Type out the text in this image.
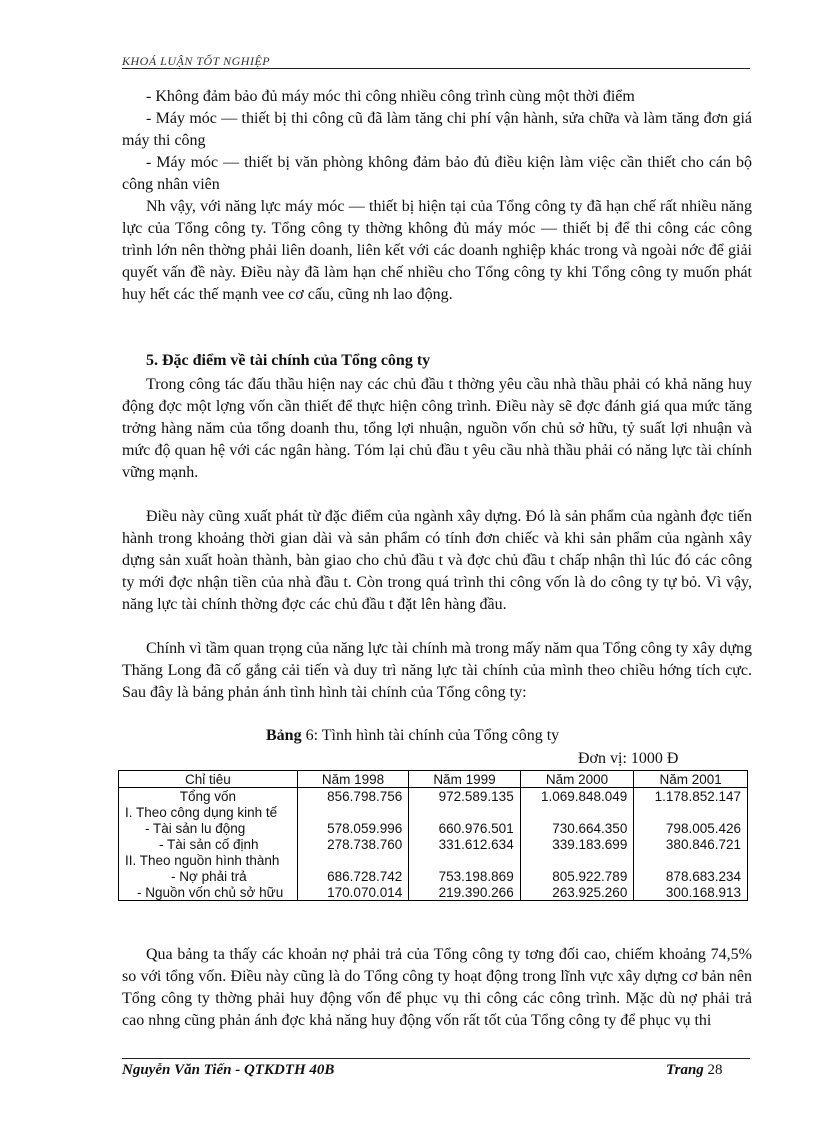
KHOÁ LUẬN TỐT NGHIỆP

- Không đảm bảo đủ máy móc thi công nhiều công trình cùng một thời điểm

- Máy móc — thiết bị thi công cũ đã làm tăng chi phí vận hành, sửa chữa và làm tăng đơn giá máy thi công

- Máy móc — thiết bị văn phòng không đảm bảo đủ điều kiện làm việc cần thiết cho cán bộ công nhân viên

Nh vậy, với năng lực máy móc — thiết bị hiện tại của Tổng công ty đã hạn chế rất nhiều năng lực của Tổng công ty. Tổng công ty thờng không đủ máy móc — thiết bị để thi công các công trình lớn nên thờng phải liên doanh, liên kết với các doanh nghiệp khác trong và ngoài nớc để giải quyết vấn đề này. Điều này đã làm hạn chế nhiều cho Tổng công ty khi Tổng công ty muốn phát huy hết các thế mạnh vee cơ cấu, cũng nh lao động.

5. Đặc điểm về tài chính của Tổng công ty

Trong công tác đấu thầu hiện nay các chủ đầu t thờng yêu cầu nhà thầu phải có khả năng huy động đợc một lợng vốn cần thiết để thực hiện công trình. Điều này sẽ đợc đánh giá qua mức tăng trởng hàng năm của tổng doanh thu, tổng lợi nhuận, nguồn vốn chủ sở hữu, tỷ suất lợi nhuận và mức độ quan hệ với các ngân hàng. Tóm lại chủ đầu t yêu cầu nhà thầu phải có năng lực tài chính vững mạnh.

Điều này cũng xuất phát từ đặc điểm của ngành xây dựng. Đó là sản phẩm của ngành đợc tiến hành trong khoảng thời gian dài và sản phẩm có tính đơn chiếc và khi sản phẩm của ngành xây dựng sản xuất hoàn thành, bàn giao cho chủ đầu t và đợc chủ đầu t chấp nhận thì lúc đó các công ty mới đợc nhận tiền của nhà đầu t. Còn trong quá trình thi công vốn là do công ty tự bỏ. Vì vậy, năng lực tài chính thờng đợc các chủ đầu t đặt lên hàng đầu.

Chính vì tầm quan trọng của năng lực tài chính mà trong mấy năm qua Tổng công ty xây dựng Thăng Long đã cố gắng cải tiến và duy trì năng lực tài chính của mình theo chiều hớng tích cực. Sau đây là bảng phản ánh tình hình tài chính của Tổng công ty:

Bảng 6: Tình hình tài chính của Tổng công ty
Đơn vị: 1000 Đ
Chỉ tiêu	Năm 1998	Năm 1999	Năm 2000	Năm 2001
Tổng vốn	856.798.756	972.589.135	1.069.848.049	1.178.852.147
I. Theo công dụng kinh tế				
- Tài sản lu động	578.059.996	660.976.501	730.664.350	798.005.426
- Tài sản cố định	278.738.760	331.612.634	339.183.699	380.846.721
II. Theo nguồn hình thành				
- Nợ phải trả	686.728.742	753.198.869	805.922.789	878.683.234
- Nguồn vốn chủ sở hữu	170.070.014	219.390.266	263.925.260	300.168.913

Qua bảng ta thấy các khoản nợ phải trả của Tổng công ty tơng đối cao, chiếm khoảng 74,5% so với tổng vốn. Điều này cũng là do Tổng công ty hoạt động trong lĩnh vực xây dựng cơ bản nên Tổng công ty thờng phải huy động vốn để phục vụ thi công các công trình. Mặc dù nợ phải trả cao nhng cũng phản ánh đợc khả năng huy động vốn rất tốt của Tổng công ty để phục vụ thi

Nguyễn Văn Tiến - QTKDTH 40B	Trang 28
